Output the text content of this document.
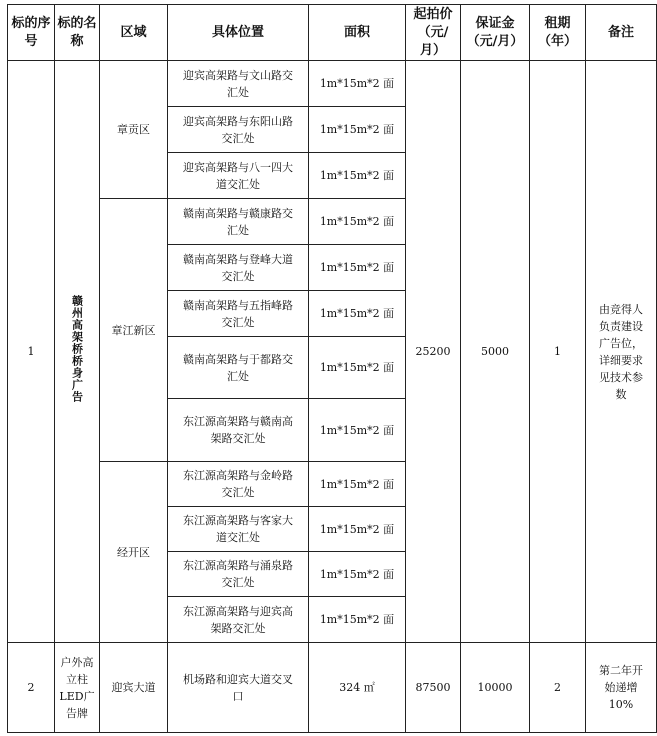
标的序号	标的名称	区域	具体位置	面积	起拍价（元/月）	保证金（元/月）	租期（年）	备注
1	赣州高架桥桥身广告	章贡区	迎宾高架路与文山路交汇处	1m*15m*2 面	25200	5000	1	由竞得人负责建设广告位，详细要求见技术参数
			迎宾高架路与东阳山路交汇处	1m*15m*2 面				
			迎宾高架路与八一四大道交汇处	1m*15m*2 面				
		章江新区	赣南高架路与赣康路交汇处	1m*15m*2 面				
			赣南高架路与登峰大道交汇处	1m*15m*2 面				
			赣南高架路与五指峰路交汇处	1m*15m*2 面				
			赣南高架路与于都路交汇处	1m*15m*2 面				
			东江源高架路与赣南高架路交汇处	1m*15m*2 面				
		经开区	东江源高架路与金岭路交汇处	1m*15m*2 面				
			东江源高架路与客家大道交汇处	1m*15m*2 面				
			东江源高架路与涌泉路交汇处	1m*15m*2 面				
			东江源高架路与迎宾高架路交汇处	1m*15m*2 面				
2	户外高立柱LED广告牌	迎宾大道	机场路和迎宾大道交叉口	324 ㎡	87500	10000	2	第二年开始递增10%
